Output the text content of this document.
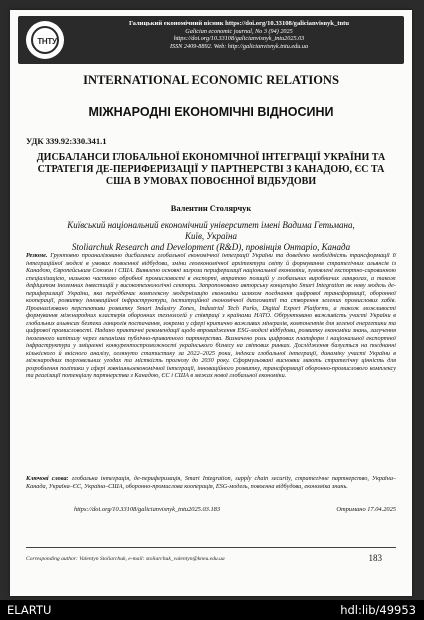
ТНТУ
Галицький економічний вісник https://doi.org/10.33108/galicianvisnyk_tntu
Galician economic journal, No 3 (94) 2025
https://doi.org/10.33108/galicianvisnyk_tntu2025.03
ISSN 2409-8892. Web: http://galicianvisnyk.tntu.edu.ua
INTERNATIONAL ECONOMIC RELATIONS
МІЖНАРОДНІ ЕКОНОМІЧНІ ВІДНОСИНИ
УДК 339.92:330.341.1
ДИСБАЛАНСИ ГЛОБАЛЬНОЇ ЕКОНОМІЧНОЇ ІНТЕГРАЦІЇ УКРАЇНИ ТА СТРАТЕГІЯ ДЕ-ПЕРИФЕРИЗАЦІЇ У ПАРТНЕРСТВІ З КАНАДОЮ, ЄС ТА США В УМОВАХ ПОВОЄННОЇ ВІДБУДОВИ
Валентин Столярчук
Київський національний економічний університет імені Вадима Гетьмана,
Київ, Україна
Stoliarchuk Research and Development (R&D), провінція Онтаріо, Канада
Резюме. Грунтовно проаналізовано дисбаланси глобальної економічної інтеграції України та доведено необхідність трансформації її інтеграційної моделі в умовах повоєнної відбудови, зміни геоекономічної архітектури світу й формування стратегічних альянсів із Канадою, Європейським Союзом і США. Виявлено основні загрози периферизації національної економіки, зумовлені експортно-сировинною спеціалізацією, низькою часткою обробної промисловості в експорті, втратою позицій у глобальних виробничих ланцюгах, а також дефіцитом іноземних інвестицій у високотехнологічні сектори. Запропоновано авторську концепцію Smart Integration як нову модель де-периферизації України, яка передбачає комплексну модернізацію економіки шляхом поєднання цифрової трансформації, оборонної кооперації, розвитку інноваційної інфраструктури, інституційної економічної дипломатії та створення зелених промислових хабів. Проаналізовано перспективи розвитку Smart Industry Zones, Industrial Tech Parks, Digital Export Platforms, а також можливості формування міжнародних кластерів оборонних технологій у співпраці з країнами НАТО. Обґрунтовано важливість участі України в глобальних альянсах безпеки ланцюгів постачання, зокрема у сфері критично важливих мінералів, компонентів для зеленої енергетики та цифрової промисловості. Надано практичні рекомендації щодо впровадження ESG-моделі відбудови, розвитку економіки знань, залучення іноземного капіталу через механізми публічно-приватного партнерства. Визначено роль цифрових платформ і національної експортної інфраструктури у зміцненні конкурентоспроможності українського бізнесу на світових ринках. Дослідження базується на поєднанні кількісного й якісного аналізу, оглянуто статистику за 2022–2025 роки, індекси глобальної інтеграції, динаміку участі України в міжнародних торговельних угодах та місткість прогнозу до 2030 року. Сформульовані висновки мають стратегічну цінність для розроблення політики у сфері зовнішньоекономічної інтеграції, інноваційного розвитку, трансформації оборонно-промислового комплексу та реалізації потенціалу партнерства з Канадою, ЄС і США в межах нової глобальної економіки.
Ключові слова: глобальна інтеграція, де-периферизація, Smart Integration, supply chain security, стратегічне партнерство, Україна–Канада, Україна–ЄС, Україна–США, оборонно-промислова кооперація, ESG-модель, повоєнна відбудова, економіка знань.
https://doi.org/10.33108/galicianvisnyk_tntu2025.03.183	Отримано 17.04.2025
Corresponding author: Valentyn Stoliarchuk, e-mail: stoliarchuk_valentyn@kneu.edu.ua	183
ELARTU	hdl:lib/49953
